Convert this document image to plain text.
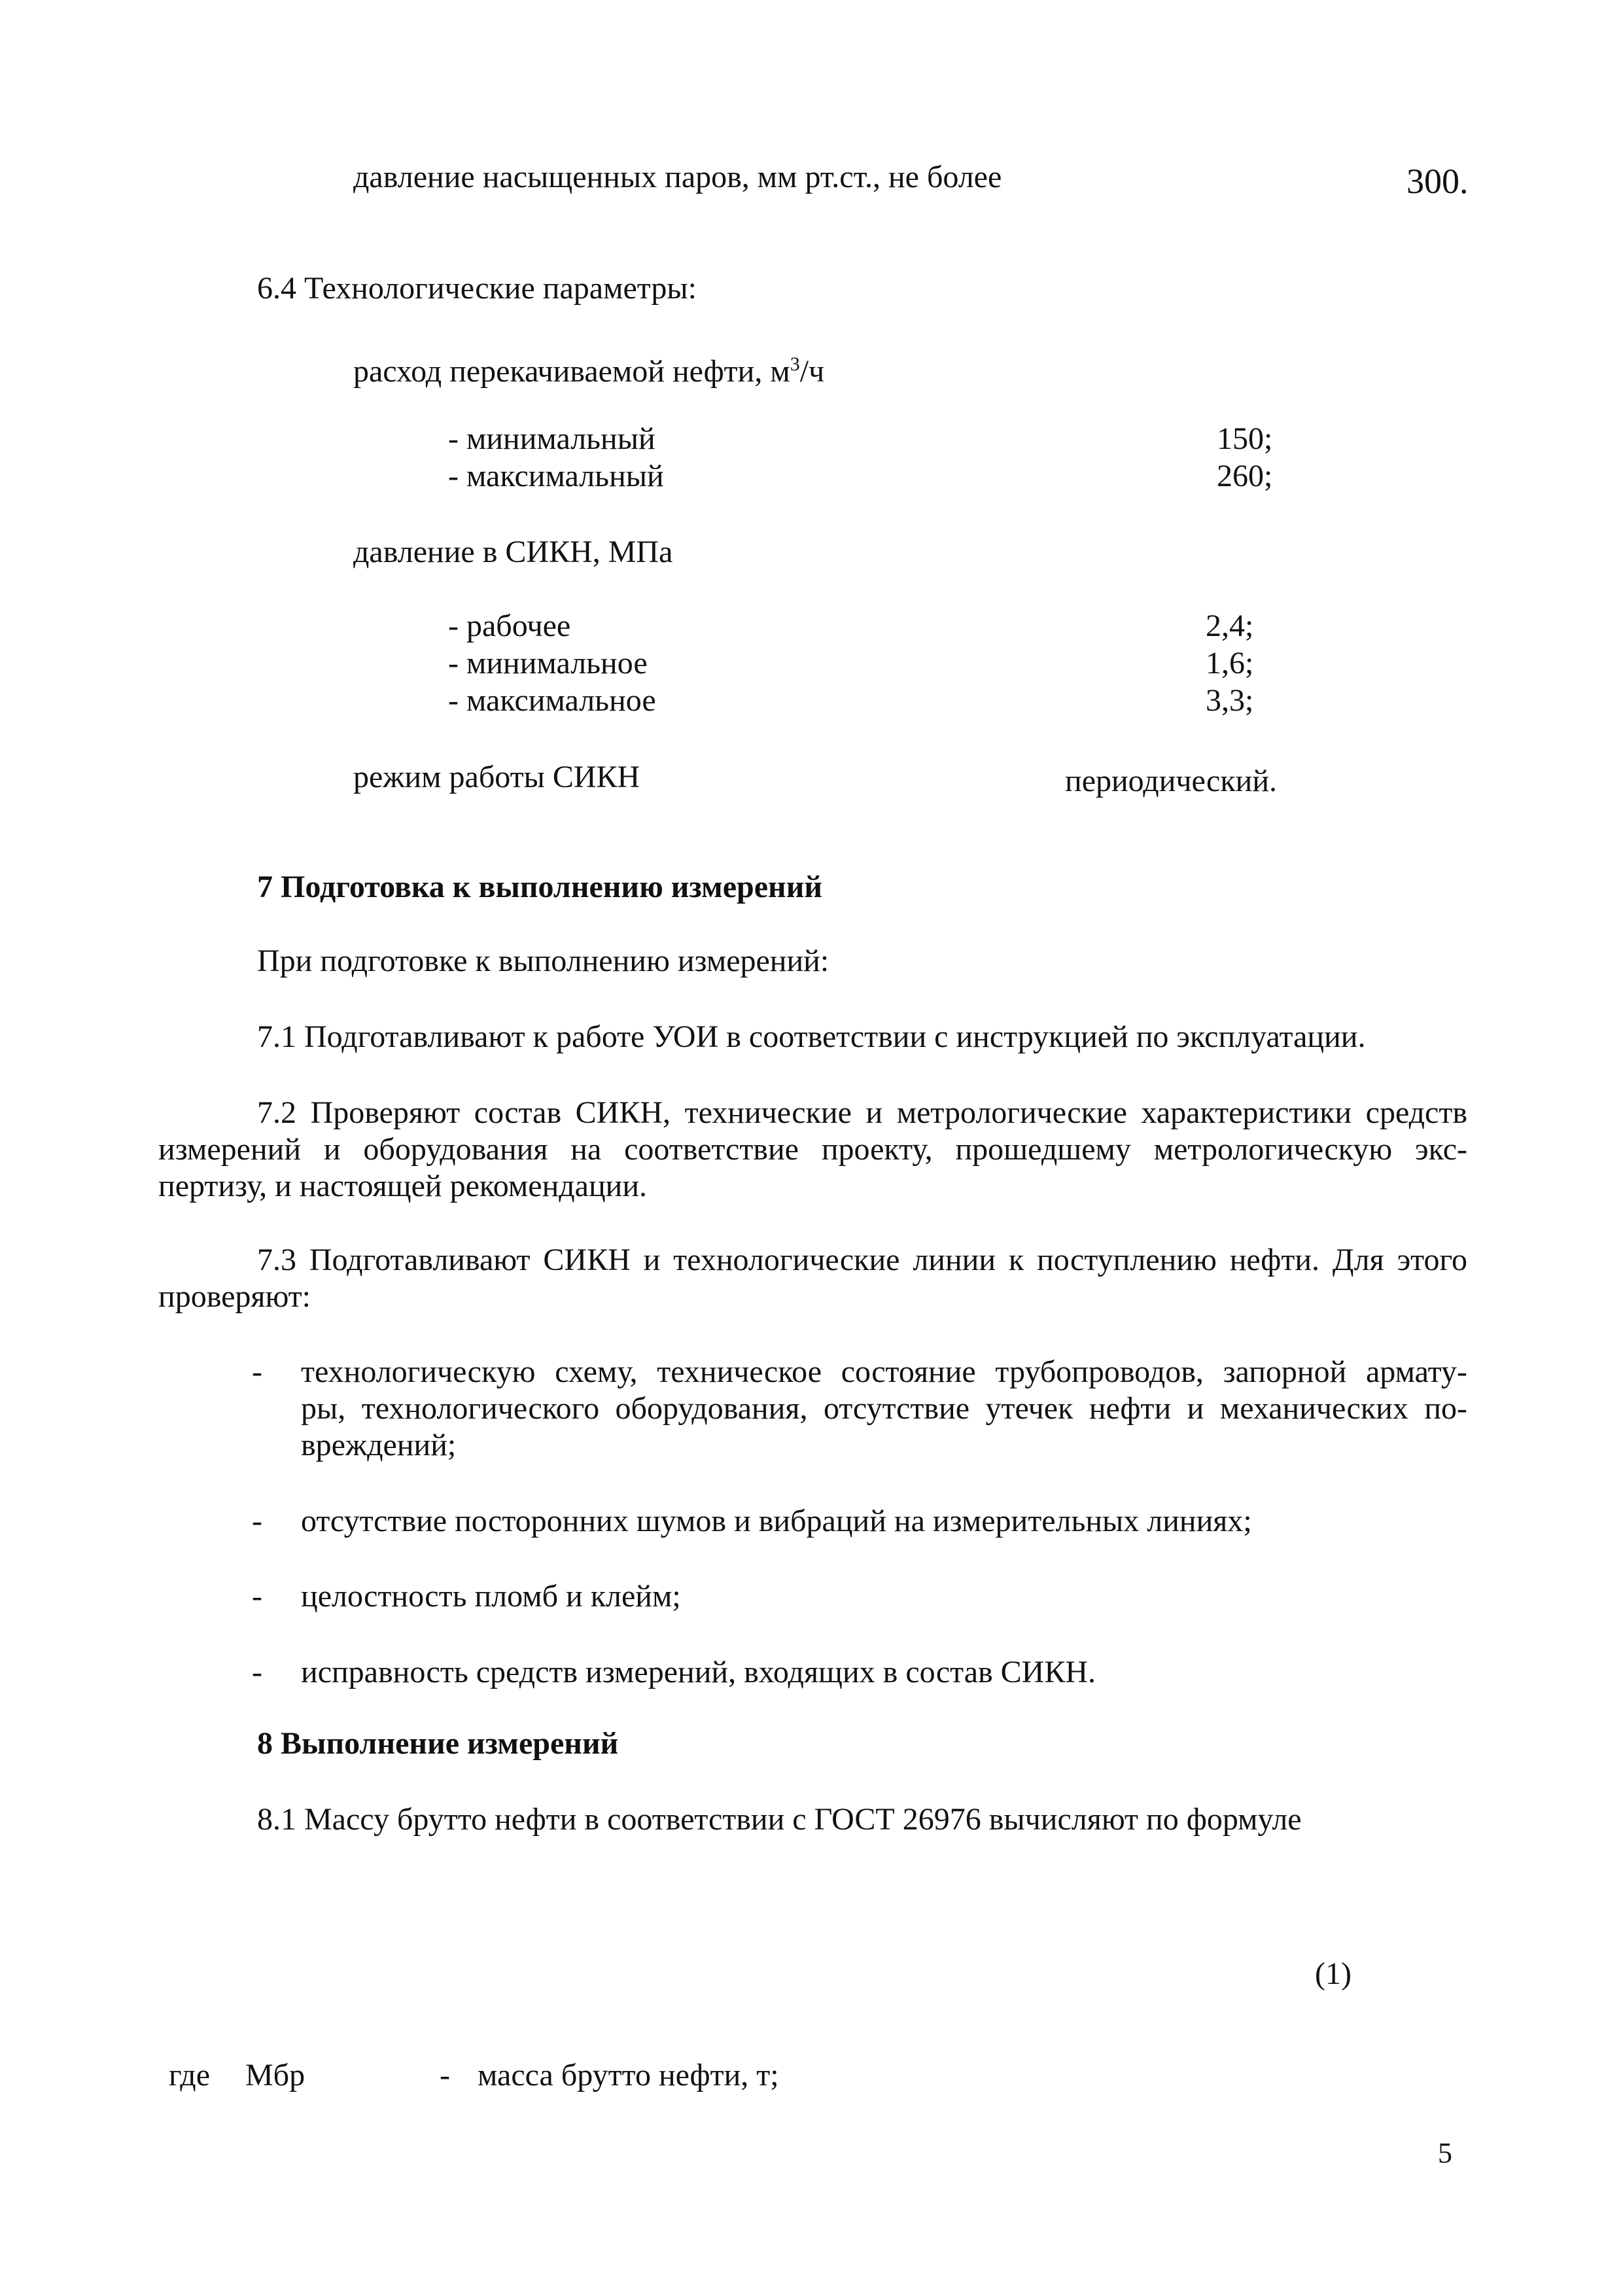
давление насыщенных паров, мм рт.ст., не более	300.
6.4 Технологические параметры:
расход перекачиваемой нефти, $м^3/ч$
- минимальный	150;
- максимальный	260;
давление в СИКН, МПа
- рабочее	2,4;
- минимальное	1,6;
- максимальное	3,3;
режим работы СИКН	периодический.
7 Подготовка к выполнению измерений
При подготовке к выполнению измерений:
7.1 Подготавливают к работе УОИ в соответствии с инструкцией по эксплуатации.
7.2 Проверяют состав СИКН, технические и метрологические характеристики средств
измерений и оборудования на соответствие проекту, прошедшему метрологическую экс-
пертизу, и настоящей рекомендации.
7.3 Подготавливают СИКН и технологические линии к поступлению нефти. Для этого
проверяют:
- технологическую схему, техническое состояние трубопроводов, запорной армату-
ры, технологического оборудования, отсутствие утечек нефти и механических по-
вреждений;
- отсутствие посторонних шумов и вибраций на измерительных линиях;
- целостность пломб и клейм;
- исправность средств измерений, входящих в состав СИКН.
8 Выполнение измерений
8.1 Массу брутто нефти в соответствии с ГОСТ 26976 вычисляют по формуле
(1)
где Мбр	- масса брутто нефти, т;
5
